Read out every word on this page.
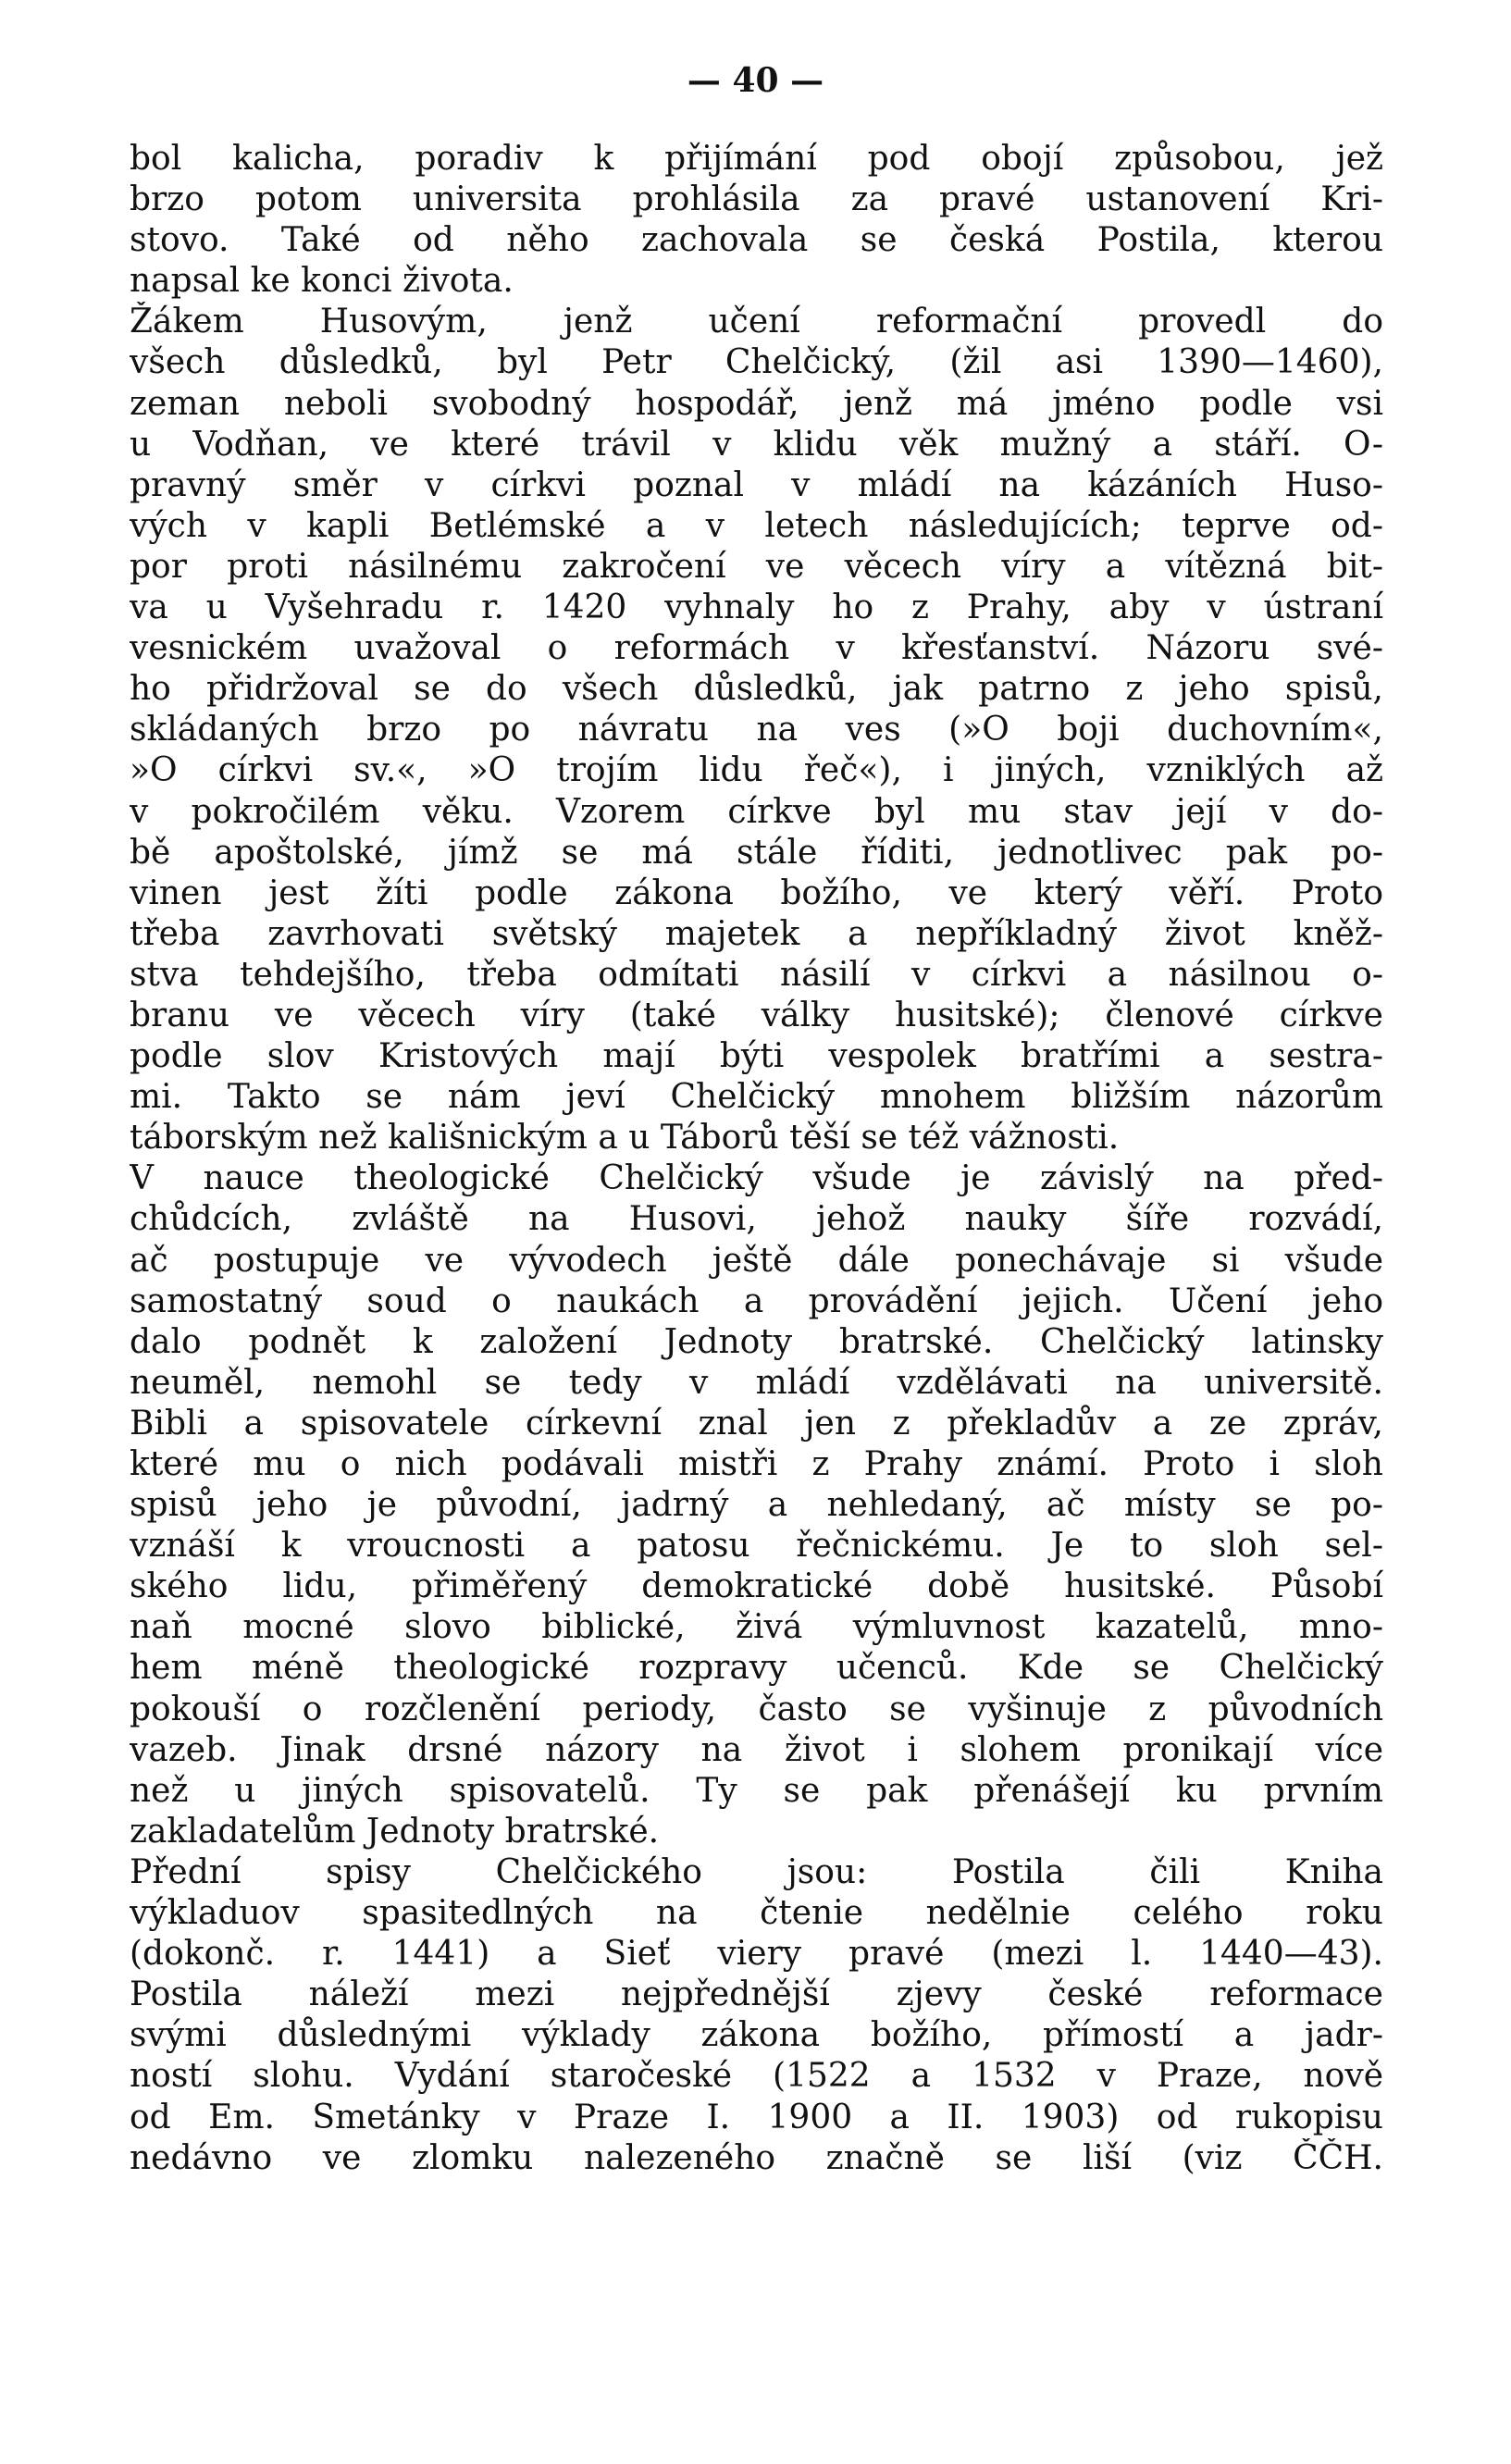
— 40 —
bol kalicha, poradiv k přijímání pod obojí způsobou, jež
brzo potom universita prohlásila za pravé ustanovení Kri-
stovo. Také od něho zachovala se česká Postila, kterou
napsal ke konci života.
Žákem Husovým, jenž učení reformační provedl do
všech důsledků, byl Petr Chelčický, (žil asi 1390—1460),
zeman neboli svobodný hospodář, jenž má jméno podle vsi
u Vodňan, ve které trávil v klidu věk mužný a stáří. O-
pravný směr v církvi poznal v mládí na kázáních Huso-
vých v kapli Betlémské a v letech následujících; teprve od-
por proti násilnému zakročení ve věcech víry a vítězná bit-
va u Vyšehradu r. 1420 vyhnaly ho z Prahy, aby v ústraní
vesnickém uvažoval o reformách v křesťanství. Názoru své-
ho přidržoval se do všech důsledků, jak patrno z jeho spisů,
skládaných brzo po návratu na ves (»O boji duchovním«,
»O církvi sv.«, »O trojím lidu řeč«), i jiných, vzniklých až
v pokročilém věku. Vzorem církve byl mu stav její v do-
bě apoštolské, jímž se má stále říditi, jednotlivec pak po-
vinen jest žíti podle zákona božího, ve který věří. Proto
třeba zavrhovati světský majetek a nepříkladný život kněž-
stva tehdejšího, třeba odmítati násilí v církvi a násilnou o-
branu ve věcech víry (také války husitské); členové církve
podle slov Kristových mají býti vespolek bratřími a sestra-
mi. Takto se nám jeví Chelčický mnohem bližším názorům
táborským než kališnickým a u Táborů těší se též vážnosti.
V nauce theologické Chelčický všude je závislý na před-
chůdcích, zvláště na Husovi, jehož nauky šíře rozvádí,
ač postupuje ve vývodech ještě dále ponechávaje si všude
samostatný soud o naukách a provádění jejich. Učení jeho
dalo podnět k založení Jednoty bratrské. Chelčický latinsky
neuměl, nemohl se tedy v mládí vzdělávati na universitě.
Bibli a spisovatele církevní znal jen z překladův a ze zpráv,
které mu o nich podávali mistři z Prahy známí. Proto i sloh
spisů jeho je původní, jadrný a nehledaný, ač místy se po-
vznáší k vroucnosti a patosu řečnickému. Je to sloh sel-
ského lidu, přiměřený demokratické době husitské. Působí
naň mocné slovo biblické, živá výmluvnost kazatelů, mno-
hem méně theologické rozpravy učenců. Kde se Chelčický
pokouší o rozčlenění periody, často se vyšinuje z původních
vazeb. Jinak drsné názory na život i slohem pronikají více
než u jiných spisovatelů. Ty se pak přenášejí ku prvním
zakladatelům Jednoty bratrské.
Přední spisy Chelčického jsou: Postila čili Kniha
výkladuov spasitedlných na čtenie nedělnie celého roku
(dokonč. r. 1441) a Sieť viery pravé (mezi l. 1440—43).
Postila náleží mezi nejpřednější zjevy české reformace
svými důslednými výklady zákona božího, přímostí a jadr-
ností slohu. Vydání staročeské (1522 a 1532 v Praze, nově
od Em. Smetánky v Praze I. 1900 a II. 1903) od rukopisu
nedávno ve zlomku nalezeného značně se liší (viz ČČH.
